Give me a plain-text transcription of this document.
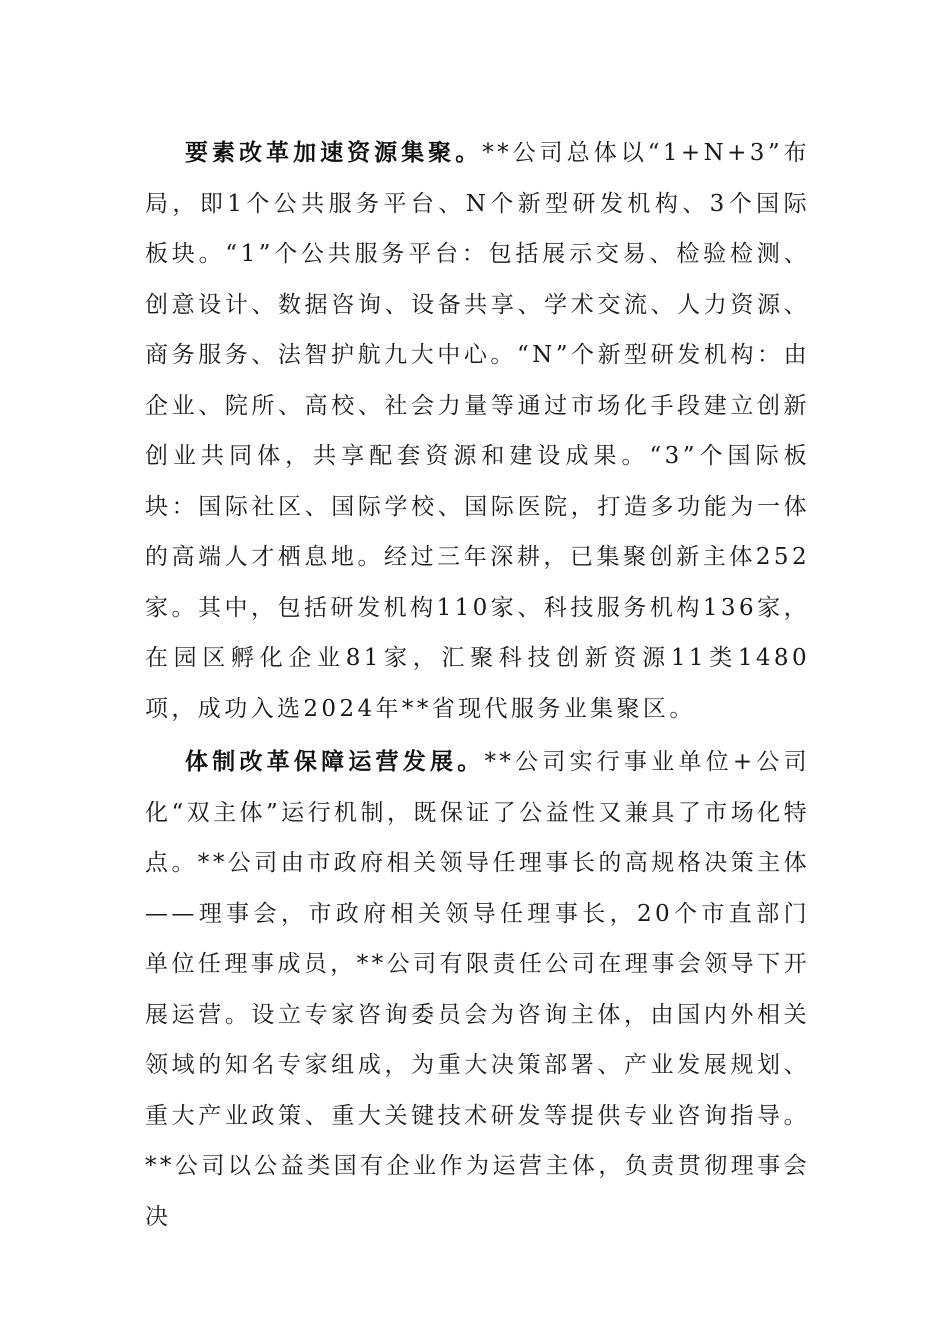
要素改革加速资源集聚。**公司总体以“1+N+3”布局，即1个公共服务平台、N个新型研发机构、3个国际板块。“1”个公共服务平台：包括展示交易、检验检测、创意设计、数据咨询、设备共享、学术交流、人力资源、商务服务、法智护航九大中心。“N”个新型研发机构：由企业、院所、高校、社会力量等通过市场化手段建立创新创业共同体，共享配套资源和建设成果。“3”个国际板块：国际社区、国际学校、国际医院，打造多功能为一体的高端人才栖息地。经过三年深耕，已集聚创新主体252家。其中，包括研发机构110家、科技服务机构136家，在园区孵化企业81家，汇聚科技创新资源11类1480项，成功入选2024年**省现代服务业集聚区。

体制改革保障运营发展。**公司实行事业单位+公司化“双主体”运行机制，既保证了公益性又兼具了市场化特点。**公司由市政府相关领导任理事长的高规格决策主体——理事会，市政府相关领导任理事长，20个市直部门单位任理事成员，**公司有限责任公司在理事会领导下开展运营。设立专家咨询委员会为咨询主体，由国内外相关领域的知名专家组成，为重大决策部署、产业发展规划、重大产业政策、重大关键技术研发等提供专业咨询指导。**公司以公益类国有企业作为运营主体，负责贯彻理事会决
